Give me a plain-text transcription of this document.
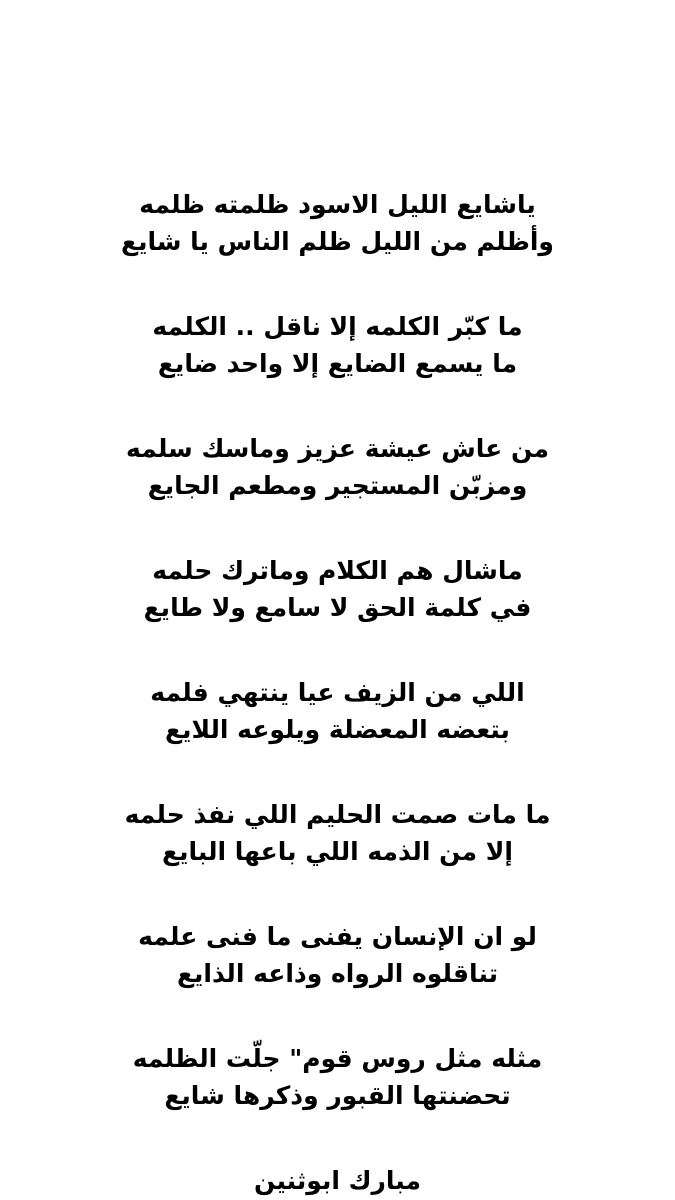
ياشايع الليل الاسود ظلمته ظلمه
وأظلم من الليل ظلم الناس يا شايع
ما كبّر الكلمه إلا ناقل .. الكلمه
ما يسمع الضايع إلا واحد ضايع
من عاش عيشة عزيز وماسك سلمه
ومزبّن المستجير ومطعم الجايع
ماشال هم الكلام وماترك حلمه
في كلمة الحق لا سامع ولا طايع
اللي من الزيف عيا ينتهي فلمه
بتعضه المعضلة ويلوعه اللايع
ما مات صمت الحليم اللي نفذ حلمه
إلا من الذمه اللي باعها البايع
لو ان الإنسان يفنى ما فنى علمه
تناقلوه الرواه وذاعه الذايع
مثله مثل روس قوم" جلّت الظلمه
تحضنتها القبور وذكرها شايع
مبارك ابوثنين
